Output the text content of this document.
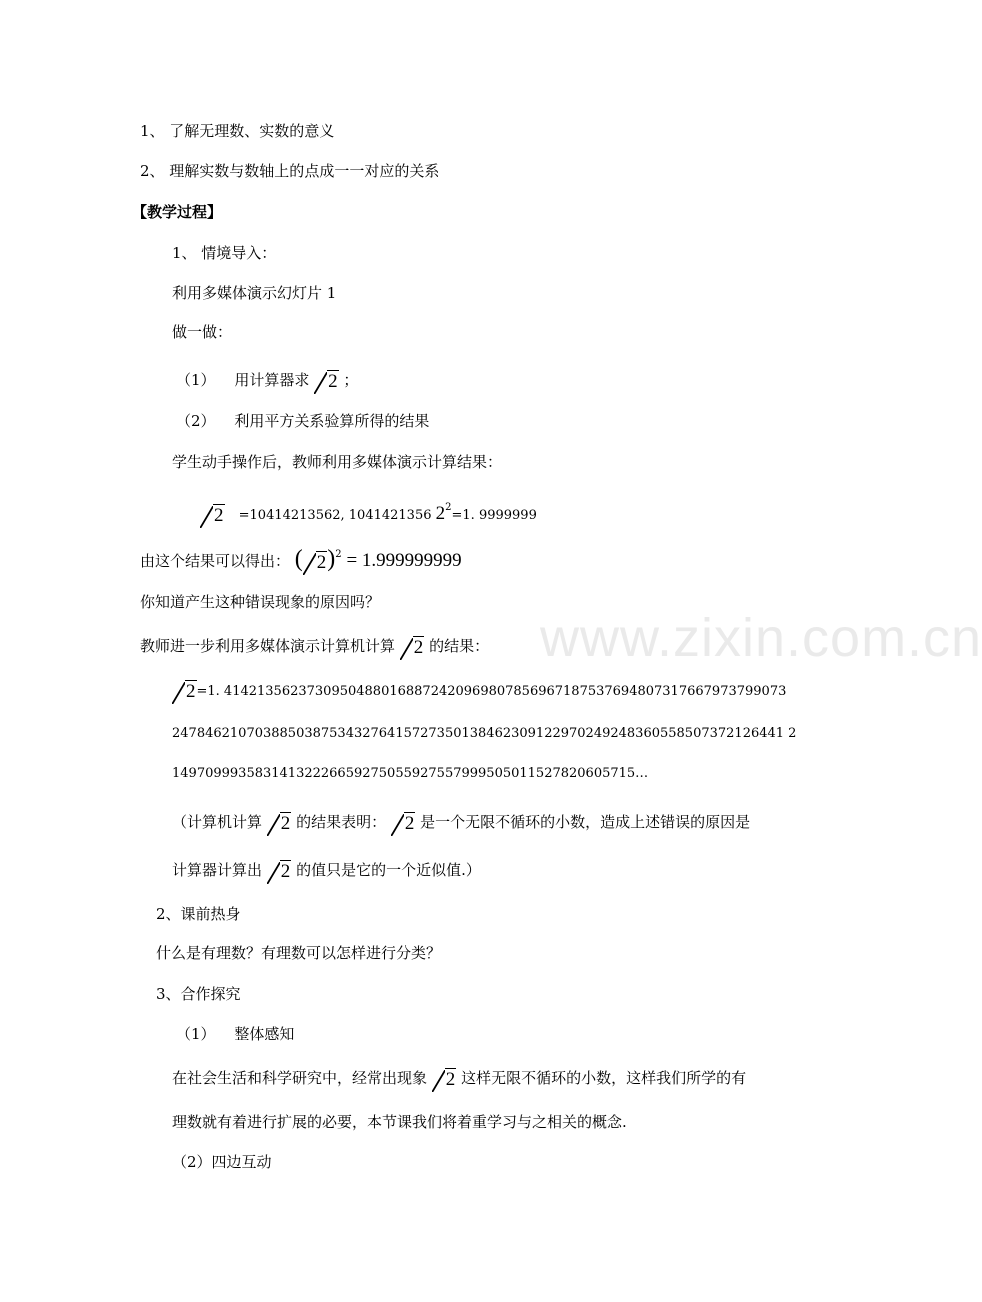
www.zixin.com.cn
1、 了解无理数、实数的意义
2、 理解实数与数轴上的点成一一对应的关系
【教学过程】
1、 情境导入：
利用多媒体演示幻灯片 1
做一做：
（1） 用计算器求 2 ；
（2） 利用平方关系验算所得的结果
学生动手操作后，教师利用多媒体演示计算结果：
2 =10414213562, 1041421356 $2^2=1$. 9999999
由这个结果可以得出： ( 2)$^2$ = 1.999999999
你知道产生这种错误现象的原因吗？
教师进一步利用多媒体演示计算机计算 2 的结果：
2=1. 41421356237309504880168872420969807856967187537694807317667973799073
24784621070388503875343276415727350138462309122970249248360558507372126441 2
14970999358314132226659275055927557999505011527820605715…
（计算机计算 2 的结果表明： 2 是一个无限不循环的小数，造成上述错误的原因是
计算器计算出 2 的值只是它的一个近似值.）
2、课前热身
什么是有理数？有理数可以怎样进行分类？
3、合作探究
（1） 整体感知
在社会生活和科学研究中，经常出现象 2 这样无限不循环的小数，这样我们所学的有
理数就有着进行扩展的必要，本节课我们将着重学习与之相关的概念.
（2）四边互动
